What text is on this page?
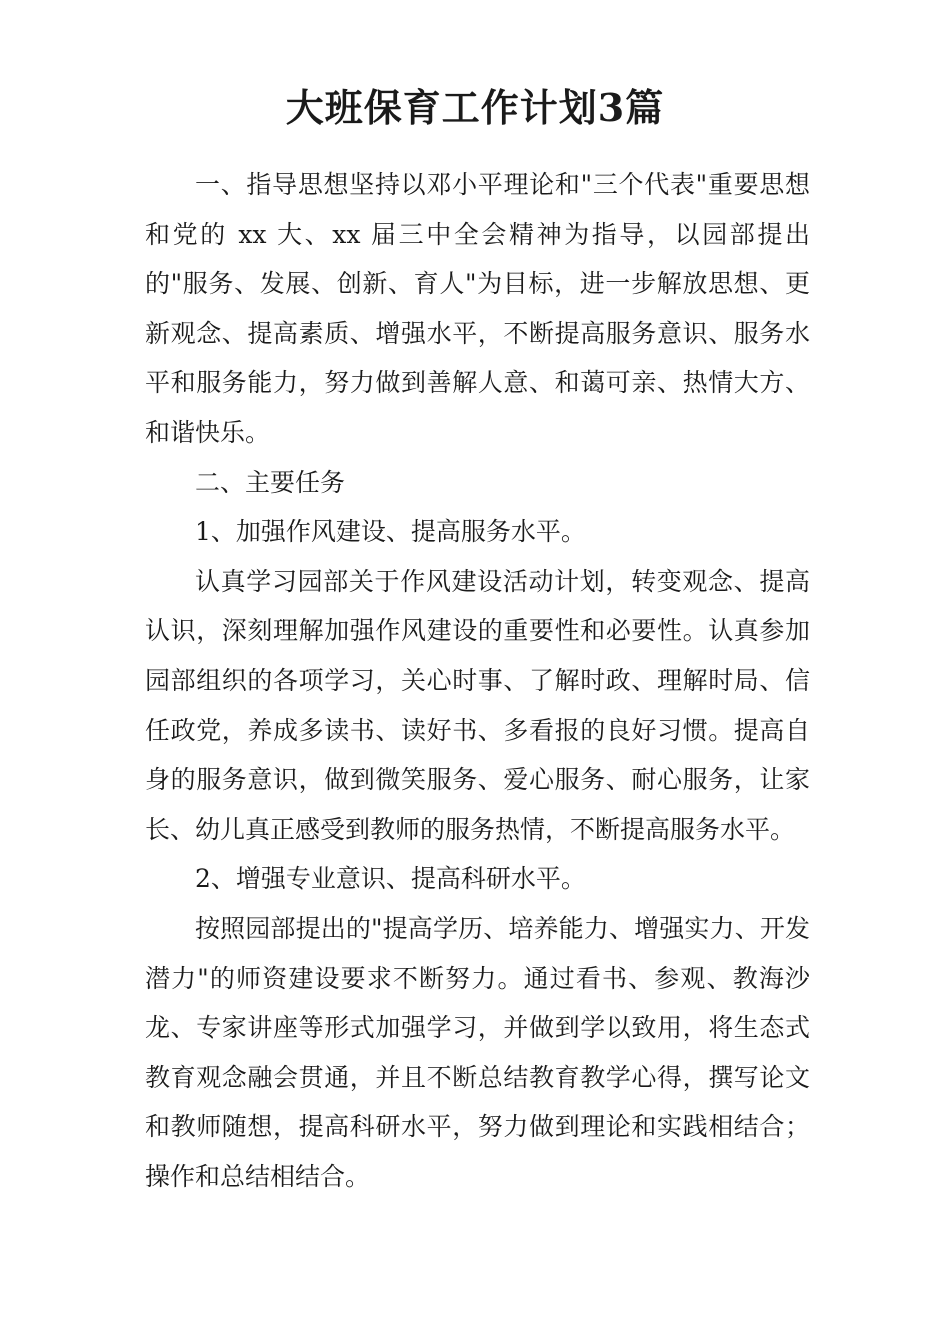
大班保育工作计划3篇

一、指导思想坚持以邓小平理论和"三个代表"重要思想和党的 xx 大、xx 届三中全会精神为指导，以园部提出的"服务、发展、创新、育人"为目标，进一步解放思想、更新观念、提高素质、增强水平，不断提高服务意识、服务水平和服务能力，努力做到善解人意、和蔼可亲、热情大方、和谐快乐。

二、主要任务

1、加强作风建设、提高服务水平。

认真学习园部关于作风建设活动计划，转变观念、提高认识，深刻理解加强作风建设的重要性和必要性。认真参加园部组织的各项学习，关心时事、了解时政、理解时局、信任政党，养成多读书、读好书、多看报的良好习惯。提高自身的服务意识，做到微笑服务、爱心服务、耐心服务，让家长、幼儿真正感受到教师的服务热情，不断提高服务水平。

2、增强专业意识、提高科研水平。

按照园部提出的"提高学历、培养能力、增强实力、开发潜力"的师资建设要求不断努力。通过看书、参观、教海沙龙、专家讲座等形式加强学习，并做到学以致用，将生态式教育观念融会贯通，并且不断总结教育教学心得，撰写论文和教师随想，提高科研水平，努力做到理论和实践相结合；操作和总结相结合。
